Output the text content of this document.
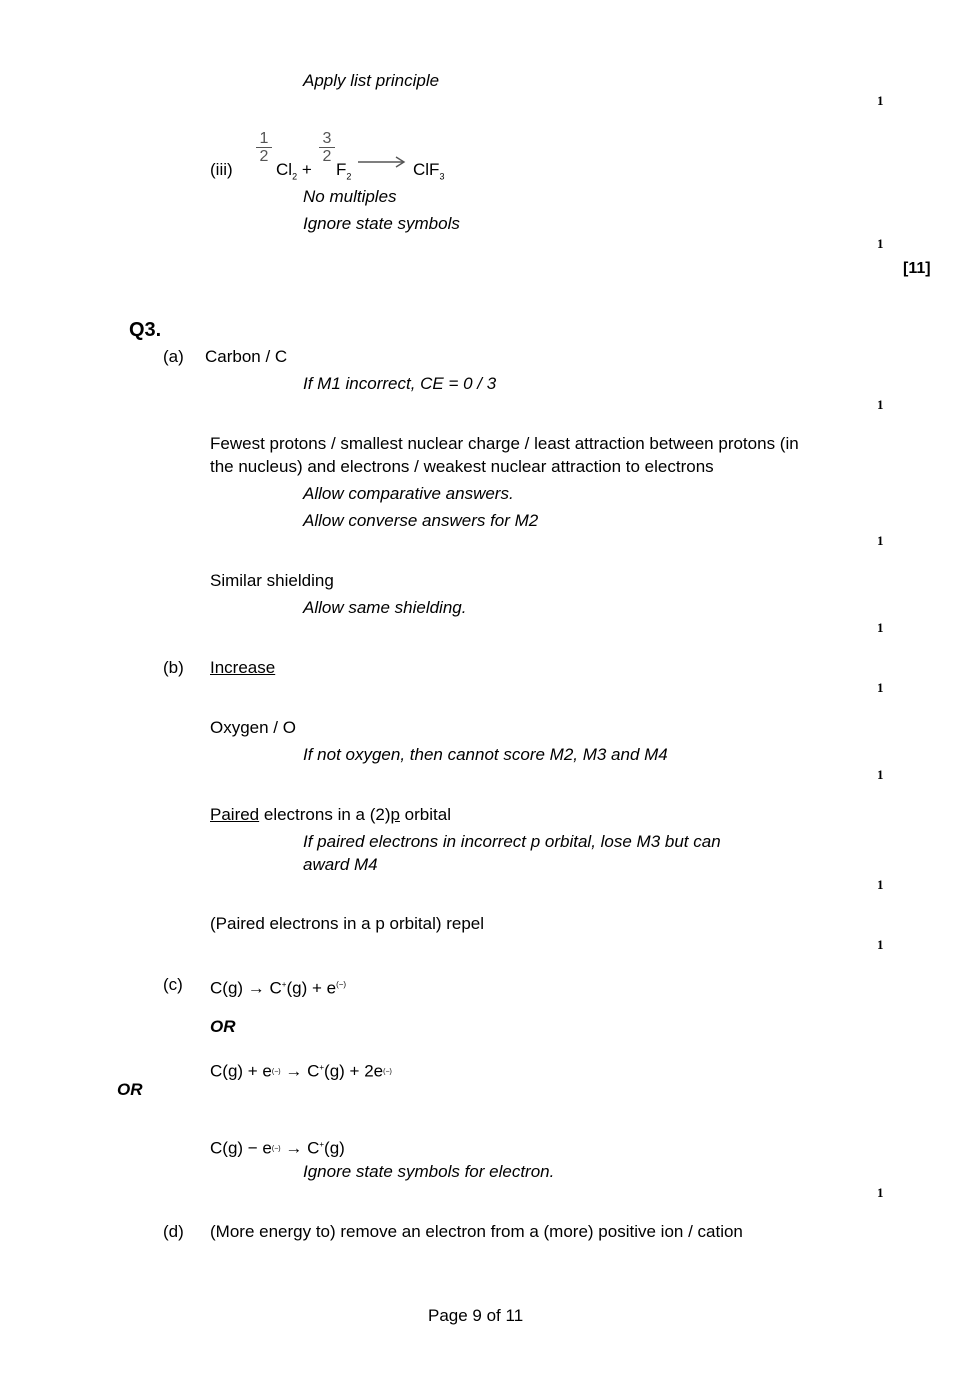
Apply list principle
1
(iii)
$\frac{1}{2}$
$Cl_2$ +
$\frac{3}{2}$
$F_2 \to ClF_3$
No multiples
Ignore state symbols
1
[11]
Q3.
(a) Carbon / C
If M1 incorrect, CE = 0 / 3
1
Fewest protons / smallest nuclear charge / least attraction between protons (in
the nucleus) and electrons / weakest nuclear attraction to electrons
Allow comparative answers.
Allow converse answers for M2
1
Similar shielding
Allow same shielding.
1
(b) Increase
1
Oxygen / O
If not oxygen, then cannot score M2, M3 and M4
1
Paired electrons in a (2)p orbital
If paired electrons in incorrect p orbital, lose M3 but can
award M4
1
(Paired electrons in a p orbital) repel
1
(c) C(g) → C+(g) + e(−)
OR
C(g) + e(−) → C+(g) + 2e(−)
OR
C(g) − e(−) → C+(g)
Ignore state symbols for electron.
1
(d) (More energy to) remove an electron from a (more) positive ion / cation
Page 9 of 11
